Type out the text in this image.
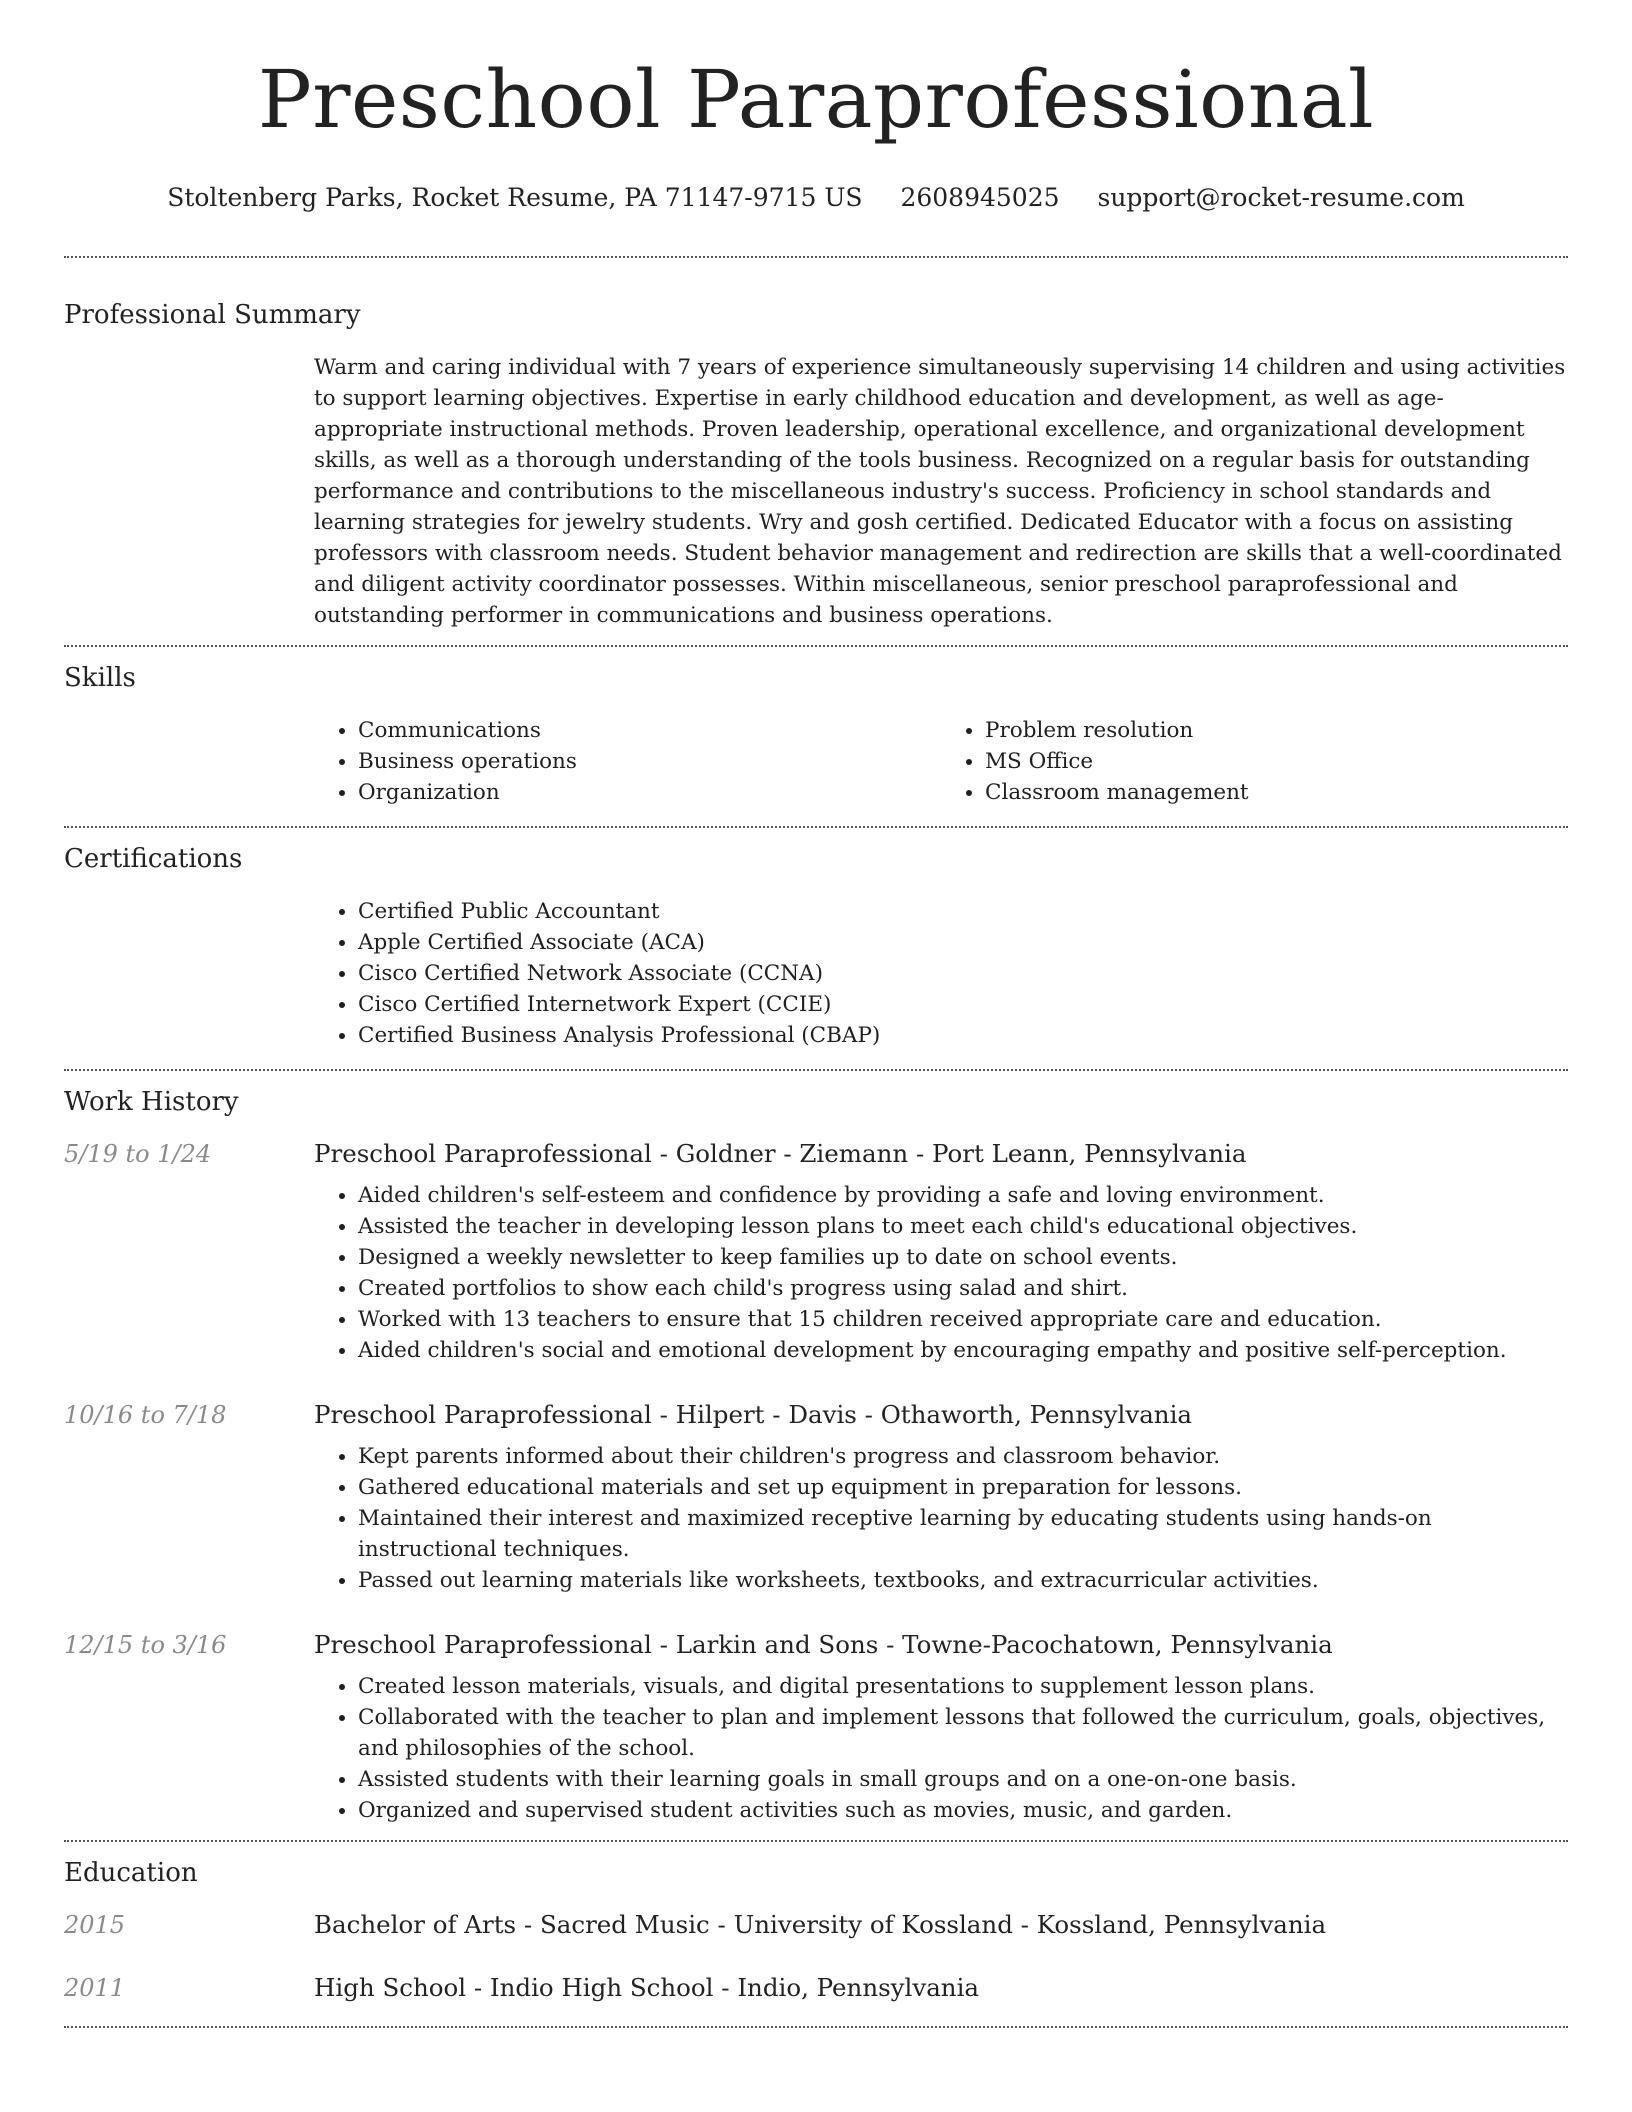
Preschool Paraprofessional
Stoltenberg Parks, Rocket Resume, PA 71147-9715 US 2608945025 support@rocket-resume.com
Professional Summary

Warm and caring individual with 7 years of experience simultaneously supervising 14 children and using activities to support learning objectives. Expertise in early childhood education and development, as well as age-appropriate instructional methods. Proven leadership, operational excellence, and organizational development skills, as well as a thorough understanding of the tools business. Recognized on a regular basis for outstanding performance and contributions to the miscellaneous industry's success. Proficiency in school standards and learning strategies for jewelry students. Wry and gosh certified. Dedicated Educator with a focus on assisting professors with classroom needs. Student behavior management and redirection are skills that a well-coordinated and diligent activity coordinator possesses. Within miscellaneous, senior preschool paraprofessional and outstanding performer in communications and business operations.

Skills
• Communications
• Business operations
• Organization
• Problem resolution
• MS Office
• Classroom management
Certifications
• Certified Public Accountant
• Apple Certified Associate (ACA)
• Cisco Certified Network Associate (CCNA)
• Cisco Certified Internetwork Expert (CCIE)
• Certified Business Analysis Professional (CBAP)
Work History
5/19 to 1/24	Preschool Paraprofessional - Goldner - Ziemann - Port Leann, Pennsylvania
• Aided children's self-esteem and confidence by providing a safe and loving environment.
• Assisted the teacher in developing lesson plans to meet each child's educational objectives.
• Designed a weekly newsletter to keep families up to date on school events.
• Created portfolios to show each child's progress using salad and shirt.
• Worked with 13 teachers to ensure that 15 children received appropriate care and education.
• Aided children's social and emotional development by encouraging empathy and positive self-perception.
10/16 to 7/18	Preschool Paraprofessional - Hilpert - Davis - Othaworth, Pennsylvania
• Kept parents informed about their children's progress and classroom behavior.
• Gathered educational materials and set up equipment in preparation for lessons.
• Maintained their interest and maximized receptive learning by educating students using hands-on instructional techniques.
• Passed out learning materials like worksheets, textbooks, and extracurricular activities.
12/15 to 3/16	Preschool Paraprofessional - Larkin and Sons - Towne-Pacochatown, Pennsylvania
• Created lesson materials, visuals, and digital presentations to supplement lesson plans.
• Collaborated with the teacher to plan and implement lessons that followed the curriculum, goals, objectives, and philosophies of the school.
• Assisted students with their learning goals in small groups and on a one-on-one basis.
• Organized and supervised student activities such as movies, music, and garden.
Education
2015	Bachelor of Arts - Sacred Music - University of Kossland - Kossland, Pennsylvania
2011	High School - Indio High School - Indio, Pennsylvania
